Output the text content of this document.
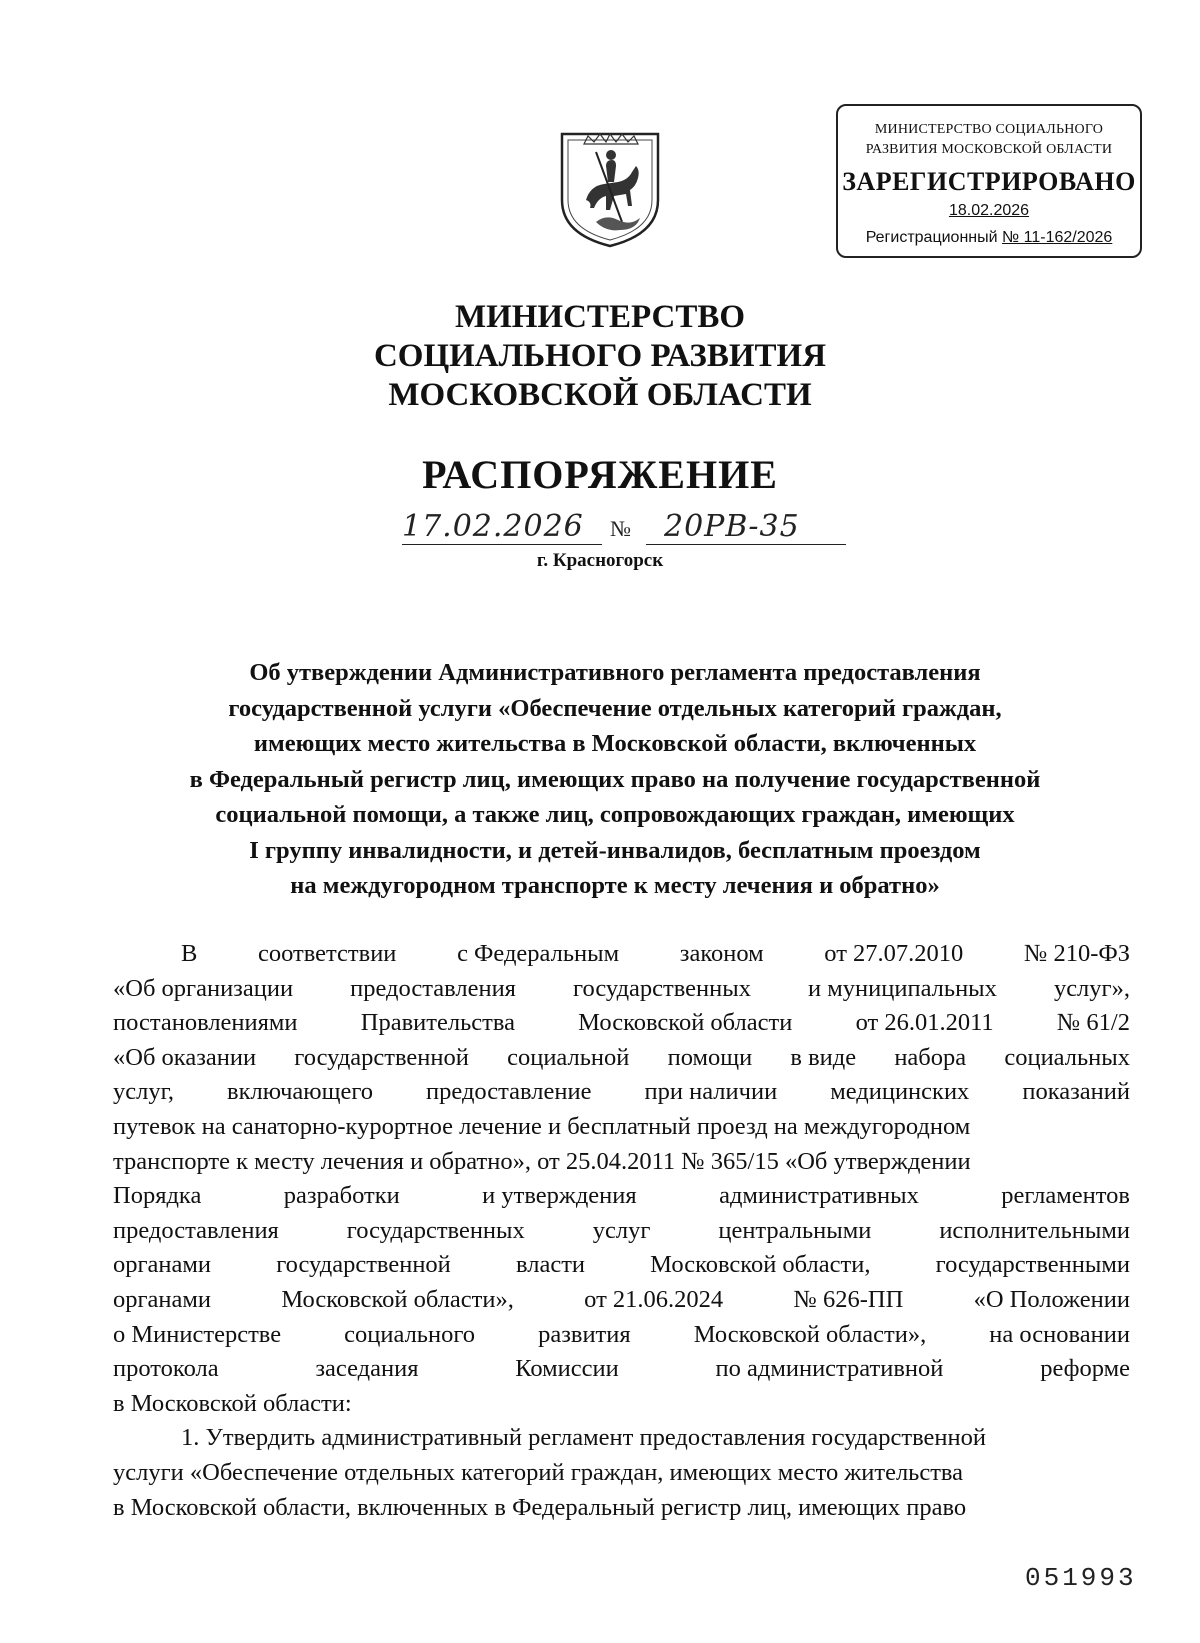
МИНИСТЕРСТВО СОЦИАЛЬНОГО
РАЗВИТИЯ МОСКОВСКОЙ ОБЛАСТИ
ЗАРЕГИСТРИРОВАНО
18.02.2026
Регистрационный № 11-162/2026
МИНИСТЕРСТВО
СОЦИАЛЬНОГО РАЗВИТИЯ
МОСКОВСКОЙ ОБЛАСТИ
РАСПОРЯЖЕНИЕ
17.02.2026	№	20РВ-35
г. Красногорск
Об утверждении Административного регламента предоставления
государственной услуги «Обеспечение отдельных категорий граждан,
имеющих место жительства в Московской области, включенных
в Федеральный регистр лиц, имеющих право на получение государственной
социальной помощи, а также лиц, сопровождающих граждан, имеющих
I группу инвалидности, и детей-инвалидов, бесплатным проездом
на междугородном транспорте к месту лечения и обратно»
В соответствии с Федеральным законом от 27.07.2010 № 210-ФЗ
«Об организации предоставления государственных и муниципальных услуг»,
постановлениями	Правительства	Московской области	от 26.01.2011	№ 61/2
«Об оказании государственной социальной помощи в виде набора социальных
услуг, включающего предоставление при наличии медицинских показаний
путевок на санаторно-курортное лечение и бесплатный проезд на междугородном
транспорте к месту лечения и обратно», от 25.04.2011 № 365/15 «Об утверждении
Порядка	разработки	и утверждения	административных	регламентов
предоставления	государственных	услуг	центральными	исполнительными
органами	государственной	власти	Московской области,	государственными
органами	Московской области»,	от 21.06.2024	№ 626-ПП	«О Положении
о Министерстве	социального	развития	Московской области»,	на основании
протокола	заседания	Комиссии	по административной	реформе
в Московской области:
1. Утвердить административный регламент предоставления государственной
услуги «Обеспечение отдельных категорий граждан, имеющих место жительства
в Московской области, включенных в Федеральный регистр лиц, имеющих право
051993
